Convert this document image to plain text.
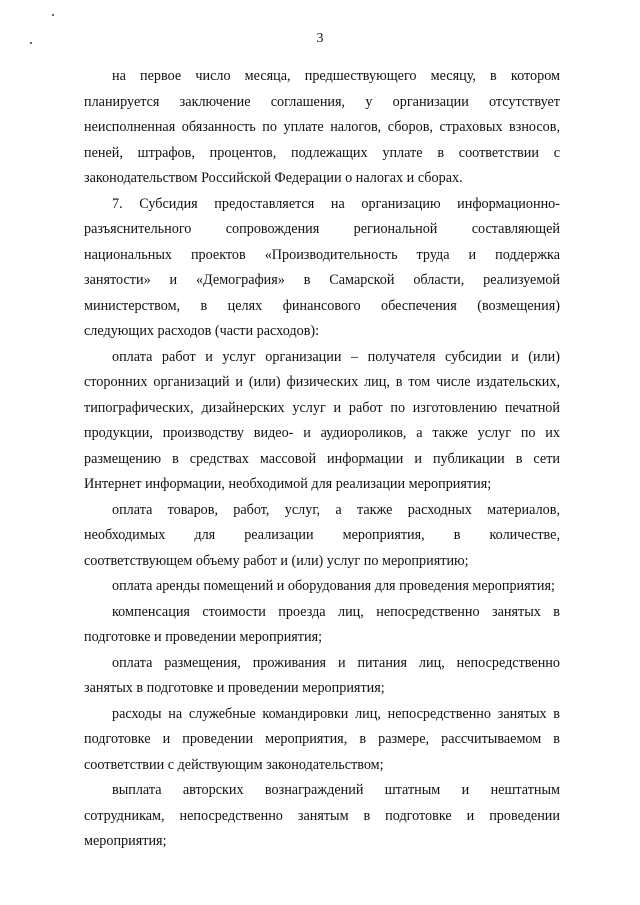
3
на первое число месяца, предшествующего месяцу, в котором
планируется заключение соглашения, у организации отсутствует
неисполненная обязанность по уплате налогов, сборов, страховых взносов,
пеней, штрафов, процентов, подлежащих уплате в соответствии с
законодательством Российской Федерации о налогах и сборах.
7. Субсидия предоставляется на организацию информационно-
разъяснительного сопровождения региональной составляющей
национальных проектов «Производительность труда и поддержка
занятости» и «Демография» в Самарской области, реализуемой
министерством, в целях финансового обеспечения (возмещения)
следующих расходов (части расходов):
оплата работ и услуг организации – получателя субсидии и (или)
сторонних организаций и (или) физических лиц, в том числе издательских,
типографических, дизайнерских услуг и работ по изготовлению печатной
продукции, производству видео- и аудиороликов, а также услуг по их
размещению в средствах массовой информации и публикации в сети
Интернет информации, необходимой для реализации мероприятия;
оплата товаров, работ, услуг, а также расходных материалов,
необходимых для реализации мероприятия, в количестве,
соответствующем объему работ и (или) услуг по мероприятию;
оплата аренды помещений и оборудования для проведения мероприятия;
компенсация стоимости проезда лиц, непосредственно занятых в
подготовке и проведении мероприятия;
оплата размещения, проживания и питания лиц, непосредственно
занятых в подготовке и проведении мероприятия;
расходы на служебные командировки лиц, непосредственно занятых в
подготовке и проведении мероприятия, в размере, рассчитываемом в
соответствии с действующим законодательством;
выплата авторских вознаграждений штатным и нештатным
сотрудникам, непосредственно занятым в подготовке и проведении
мероприятия;
